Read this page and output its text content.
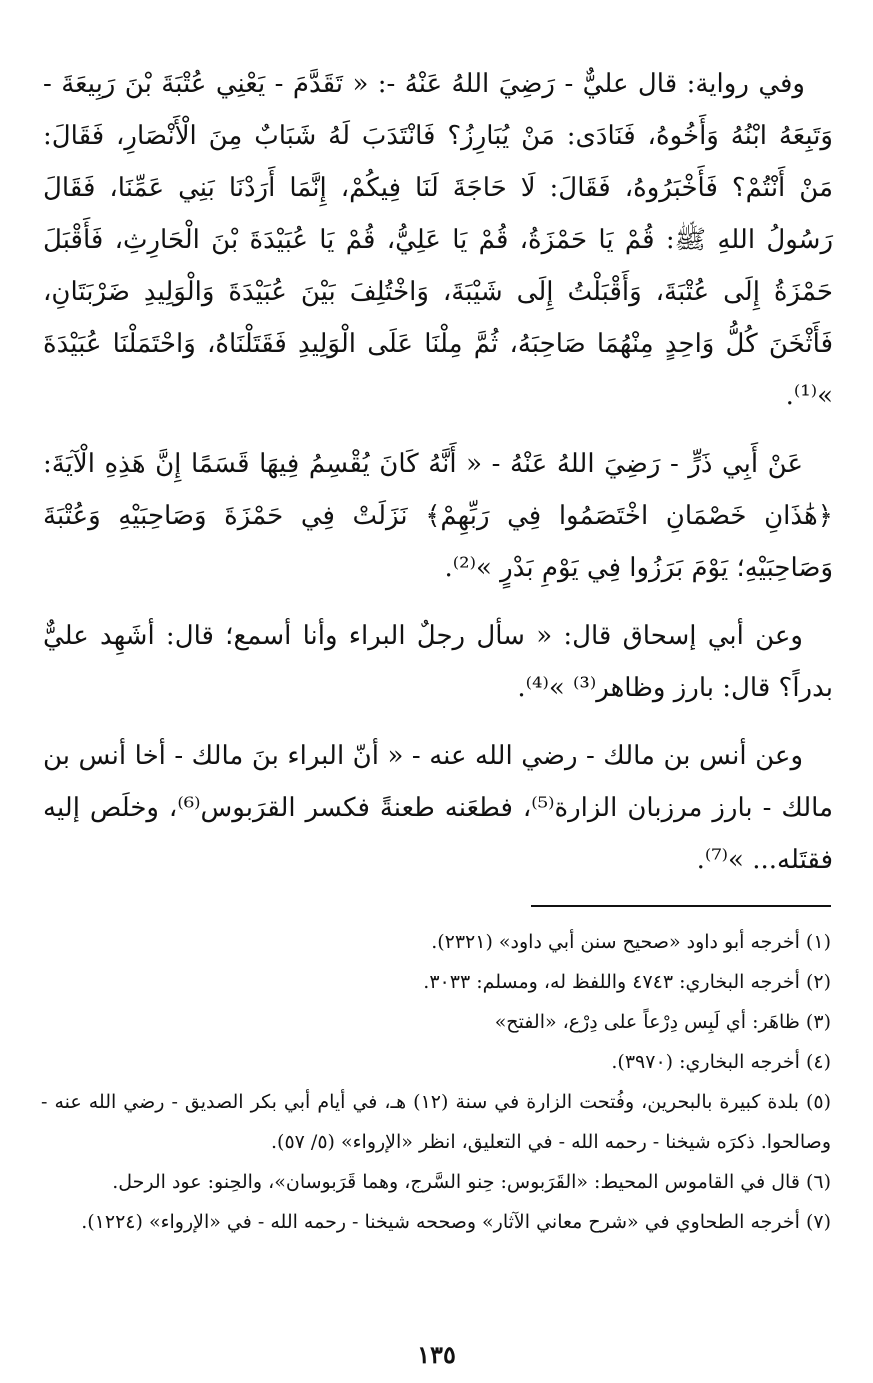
وفي رواية: قال عليٌّ - رَضِيَ اللهُ عَنْهُ -: « تَقَدَّمَ - يَعْنِي عُتْبَةَ بْنَ رَبِيعَةَ - وَتَبِعَهُ ابْنُهُ وَأَخُوهُ، فَنَادَى: مَنْ يُبَارِزُ؟ فَانْتَدَبَ لَهُ شَبَابٌ مِنَ الْأَنْصَارِ، فَقَالَ: مَنْ أَنْتُمْ؟ فَأَخْبَرُوهُ، فَقَالَ: لَا حَاجَةَ لَنَا فِيكُمْ، إِنَّمَا أَرَدْنَا بَنِي عَمِّنَا، فَقَالَ رَسُولُ اللهِ ﷺ: قُمْ يَا حَمْزَةُ، قُمْ يَا عَلِيُّ، قُمْ يَا عُبَيْدَةَ بْنَ الْحَارِثِ، فَأَقْبَلَ حَمْزَةُ إِلَى عُتْبَةَ، وَأَقْبَلْتُ إِلَى شَيْبَةَ، وَاخْتُلِفَ بَيْنَ عُبَيْدَةَ وَالْوَلِيدِ ضَرْبَتَانِ، فَأَثْخَنَ كُلُّ وَاحِدٍ مِنْهُمَا صَاحِبَهُ، ثُمَّ مِلْنَا عَلَى الْوَلِيدِ فَقَتَلْنَاهُ، وَاحْتَمَلْنَا عُبَيْدَةَ »⁽¹⁾.

عَنْ أَبِي ذَرٍّ - رَضِيَ اللهُ عَنْهُ - « أَنَّهُ كَانَ يُقْسِمُ فِيهَا قَسَمًا إِنَّ هَذِهِ الْآيَةَ: ﴿هَٰذَانِ خَصْمَانِ اخْتَصَمُوا فِي رَبِّهِمْ﴾ نَزَلَتْ فِي حَمْزَةَ وَصَاحِبَيْهِ وَعُتْبَةَ وَصَاحِبَيْهِ؛ يَوْمَ بَرَزُوا فِي يَوْمِ بَدْرٍ »⁽²⁾.

وعن أبي إسحاق قال: « سأل رجلٌ البراء وأنا أسمع؛ قال: أشَهِد عليٌّ بدراً؟ قال: بارز وظاهر⁽³⁾ »⁽⁴⁾.

وعن أنس بن مالك - رضي الله عنه - « أنّ البراء بنَ مالك - أخا أنس بن مالك - بارز مرزبان الزارة⁽⁵⁾، فطعَنه طعنةً فكسر القرَبوس⁽⁶⁾، وخلَص إليه فقتَله... »⁽⁷⁾.

(١) أخرجه أبو داود «صحيح سنن أبي داود» (٢٣٢١).

(٢) أخرجه البخاري: ٤٧٤٣ واللفظ له، ومسلم: ٣٠٣٣.

(٣) ظاهَر: أي لَبِس دِرْعاً على دِرْع، «الفتح»

(٤) أخرجه البخاري: (٣٩٧٠).

(٥) بلدة كبيرة بالبحرين، وفُتحت الزارة في سنة (١٢) هـ، في أيام أبي بكر الصديق - رضي الله عنه - وصالحوا. ذكرَه شيخنا - رحمه الله - في التعليق، انظر «الإرواء» (٥/ ٥٧).

(٦) قال في القاموس المحيط: «القَرَبوس: حِنو السَّرج، وهما قَرَبوسان»، والحِنو: عود الرحل.

(٧) أخرجه الطحاوي في «شرح معاني الآثار» وصححه شيخنا - رحمه الله - في «الإرواء» (١٢٢٤).

١٣٥
